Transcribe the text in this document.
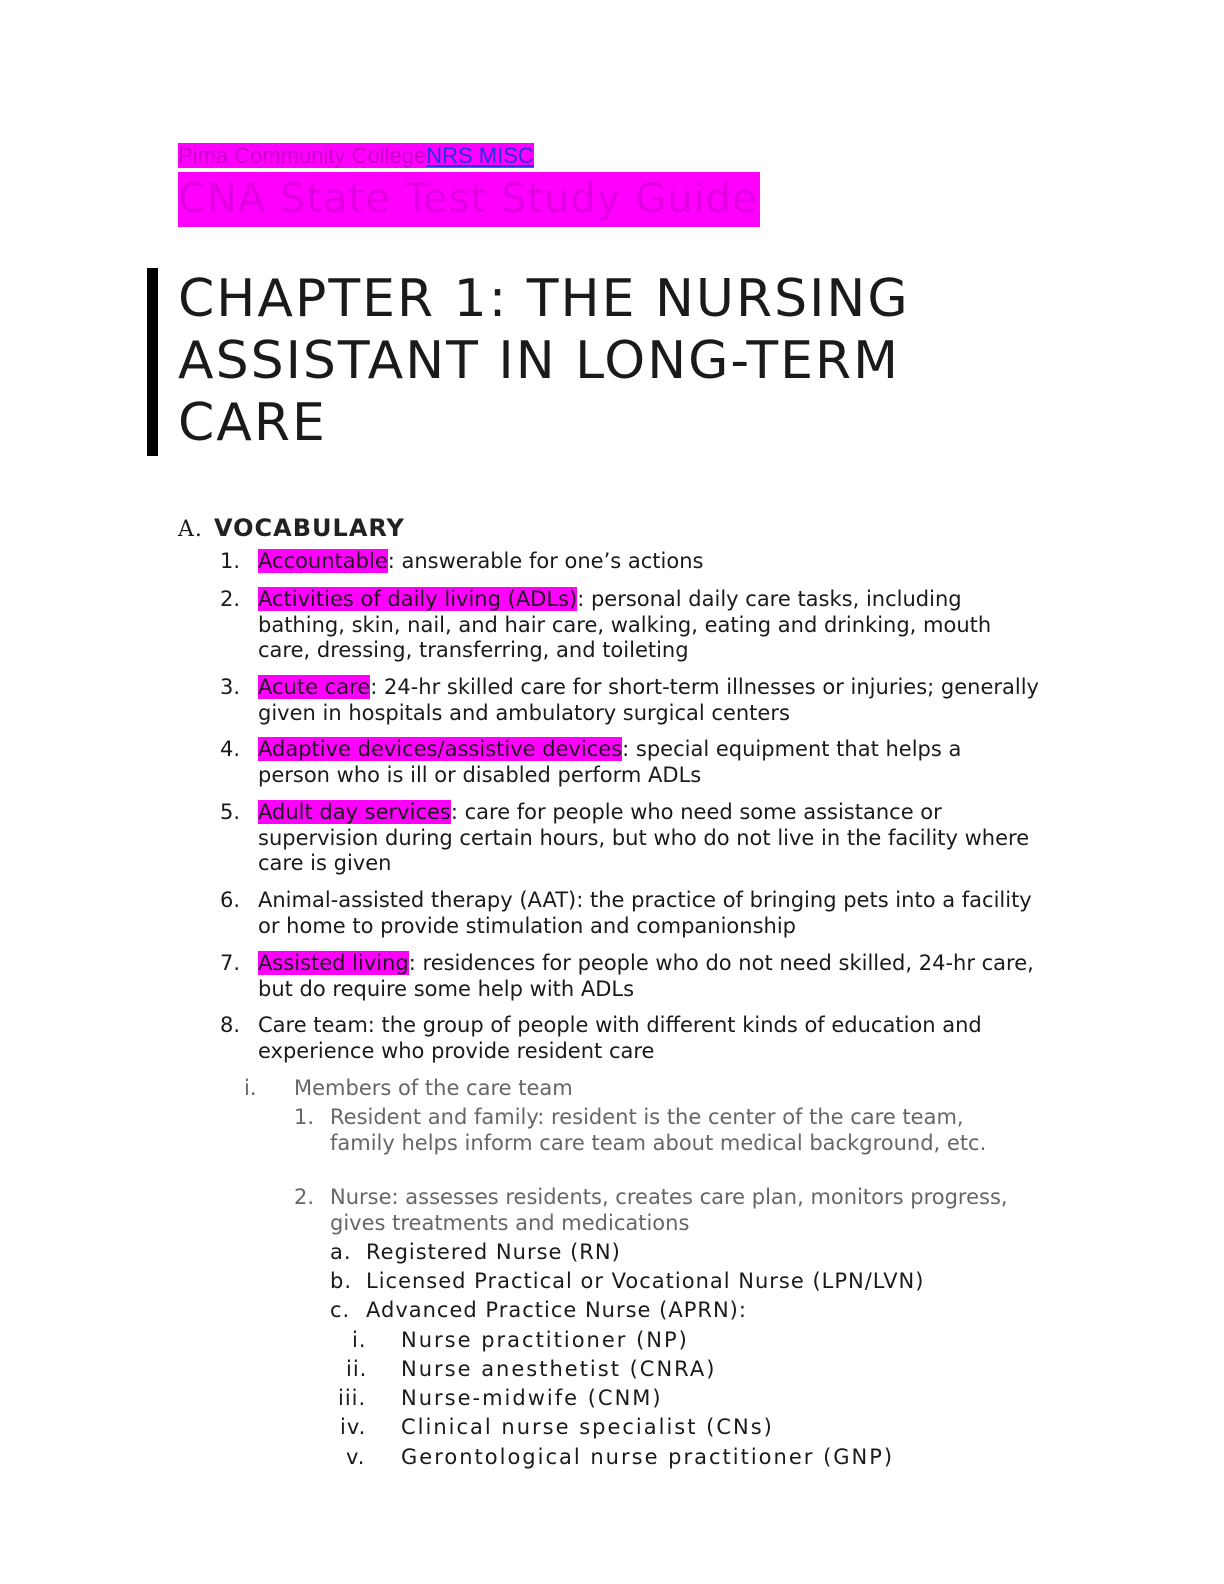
Pima Community CollegeNRS MISC
CNA State Test Study Guide
CHAPTER 1: THE NURSING ASSISTANT IN LONG-TERM CARE
A. VOCABULARY
1. Accountable: answerable for one’s actions
2. Activities of daily living (ADLs): personal daily care tasks, including bathing, skin, nail, and hair care, walking, eating and drinking, mouth care, dressing, transferring, and toileting
3. Acute care: 24-hr skilled care for short-term illnesses or injuries; generally given in hospitals and ambulatory surgical centers
4. Adaptive devices/assistive devices: special equipment that helps a person who is ill or disabled perform ADLs
5. Adult day services: care for people who need some assistance or supervision during certain hours, but who do not live in the facility where care is given
6. Animal-assisted therapy (AAT): the practice of bringing pets into a facility or home to provide stimulation and companionship
7. Assisted living: residences for people who do not need skilled, 24-hr care, but do require some help with ADLs
8. Care team: the group of people with different kinds of education and experience who provide resident care
i. Members of the care team
1. Resident and family: resident is the center of the care team, family helps inform care team about medical background, etc.
2. Nurse: assesses residents, creates care plan, monitors progress, gives treatments and medications
a. Registered Nurse (RN)
b. Licensed Practical or Vocational Nurse (LPN/LVN)
c. Advanced Practice Nurse (APRN):
i. Nurse practitioner (NP)
ii. Nurse anesthetist (CNRA)
iii. Nurse-midwife (CNM)
iv. Clinical nurse specialist (CNs)
v. Gerontological nurse practitioner (GNP)
